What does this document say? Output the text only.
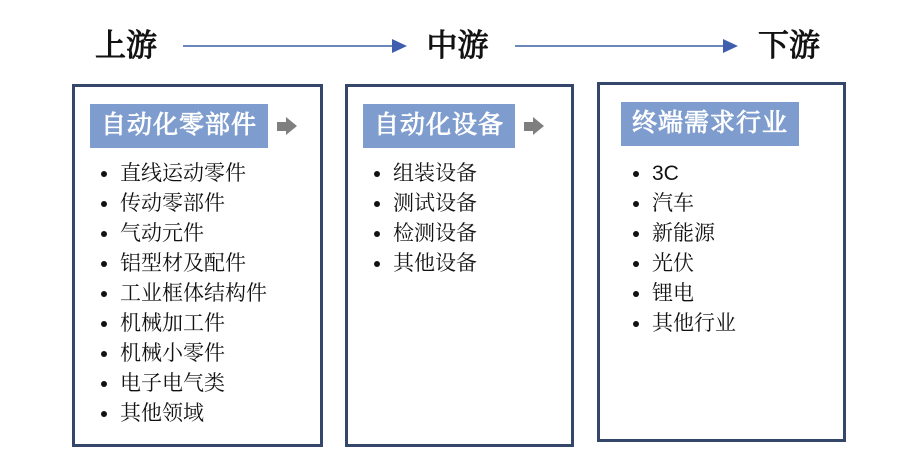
上游	中游	下游
自动化零部件
• 直线运动零件
• 传动零部件
• 气动元件
• 铝型材及配件
• 工业框体结构件
• 机械加工件
• 机械小零件
• 电子电气类
• 其他领域
自动化设备
• 组装设备
• 测试设备
• 检测设备
• 其他设备
终端需求行业
• 3C
• 汽车
• 新能源
• 光伏
• 锂电
• 其他行业
